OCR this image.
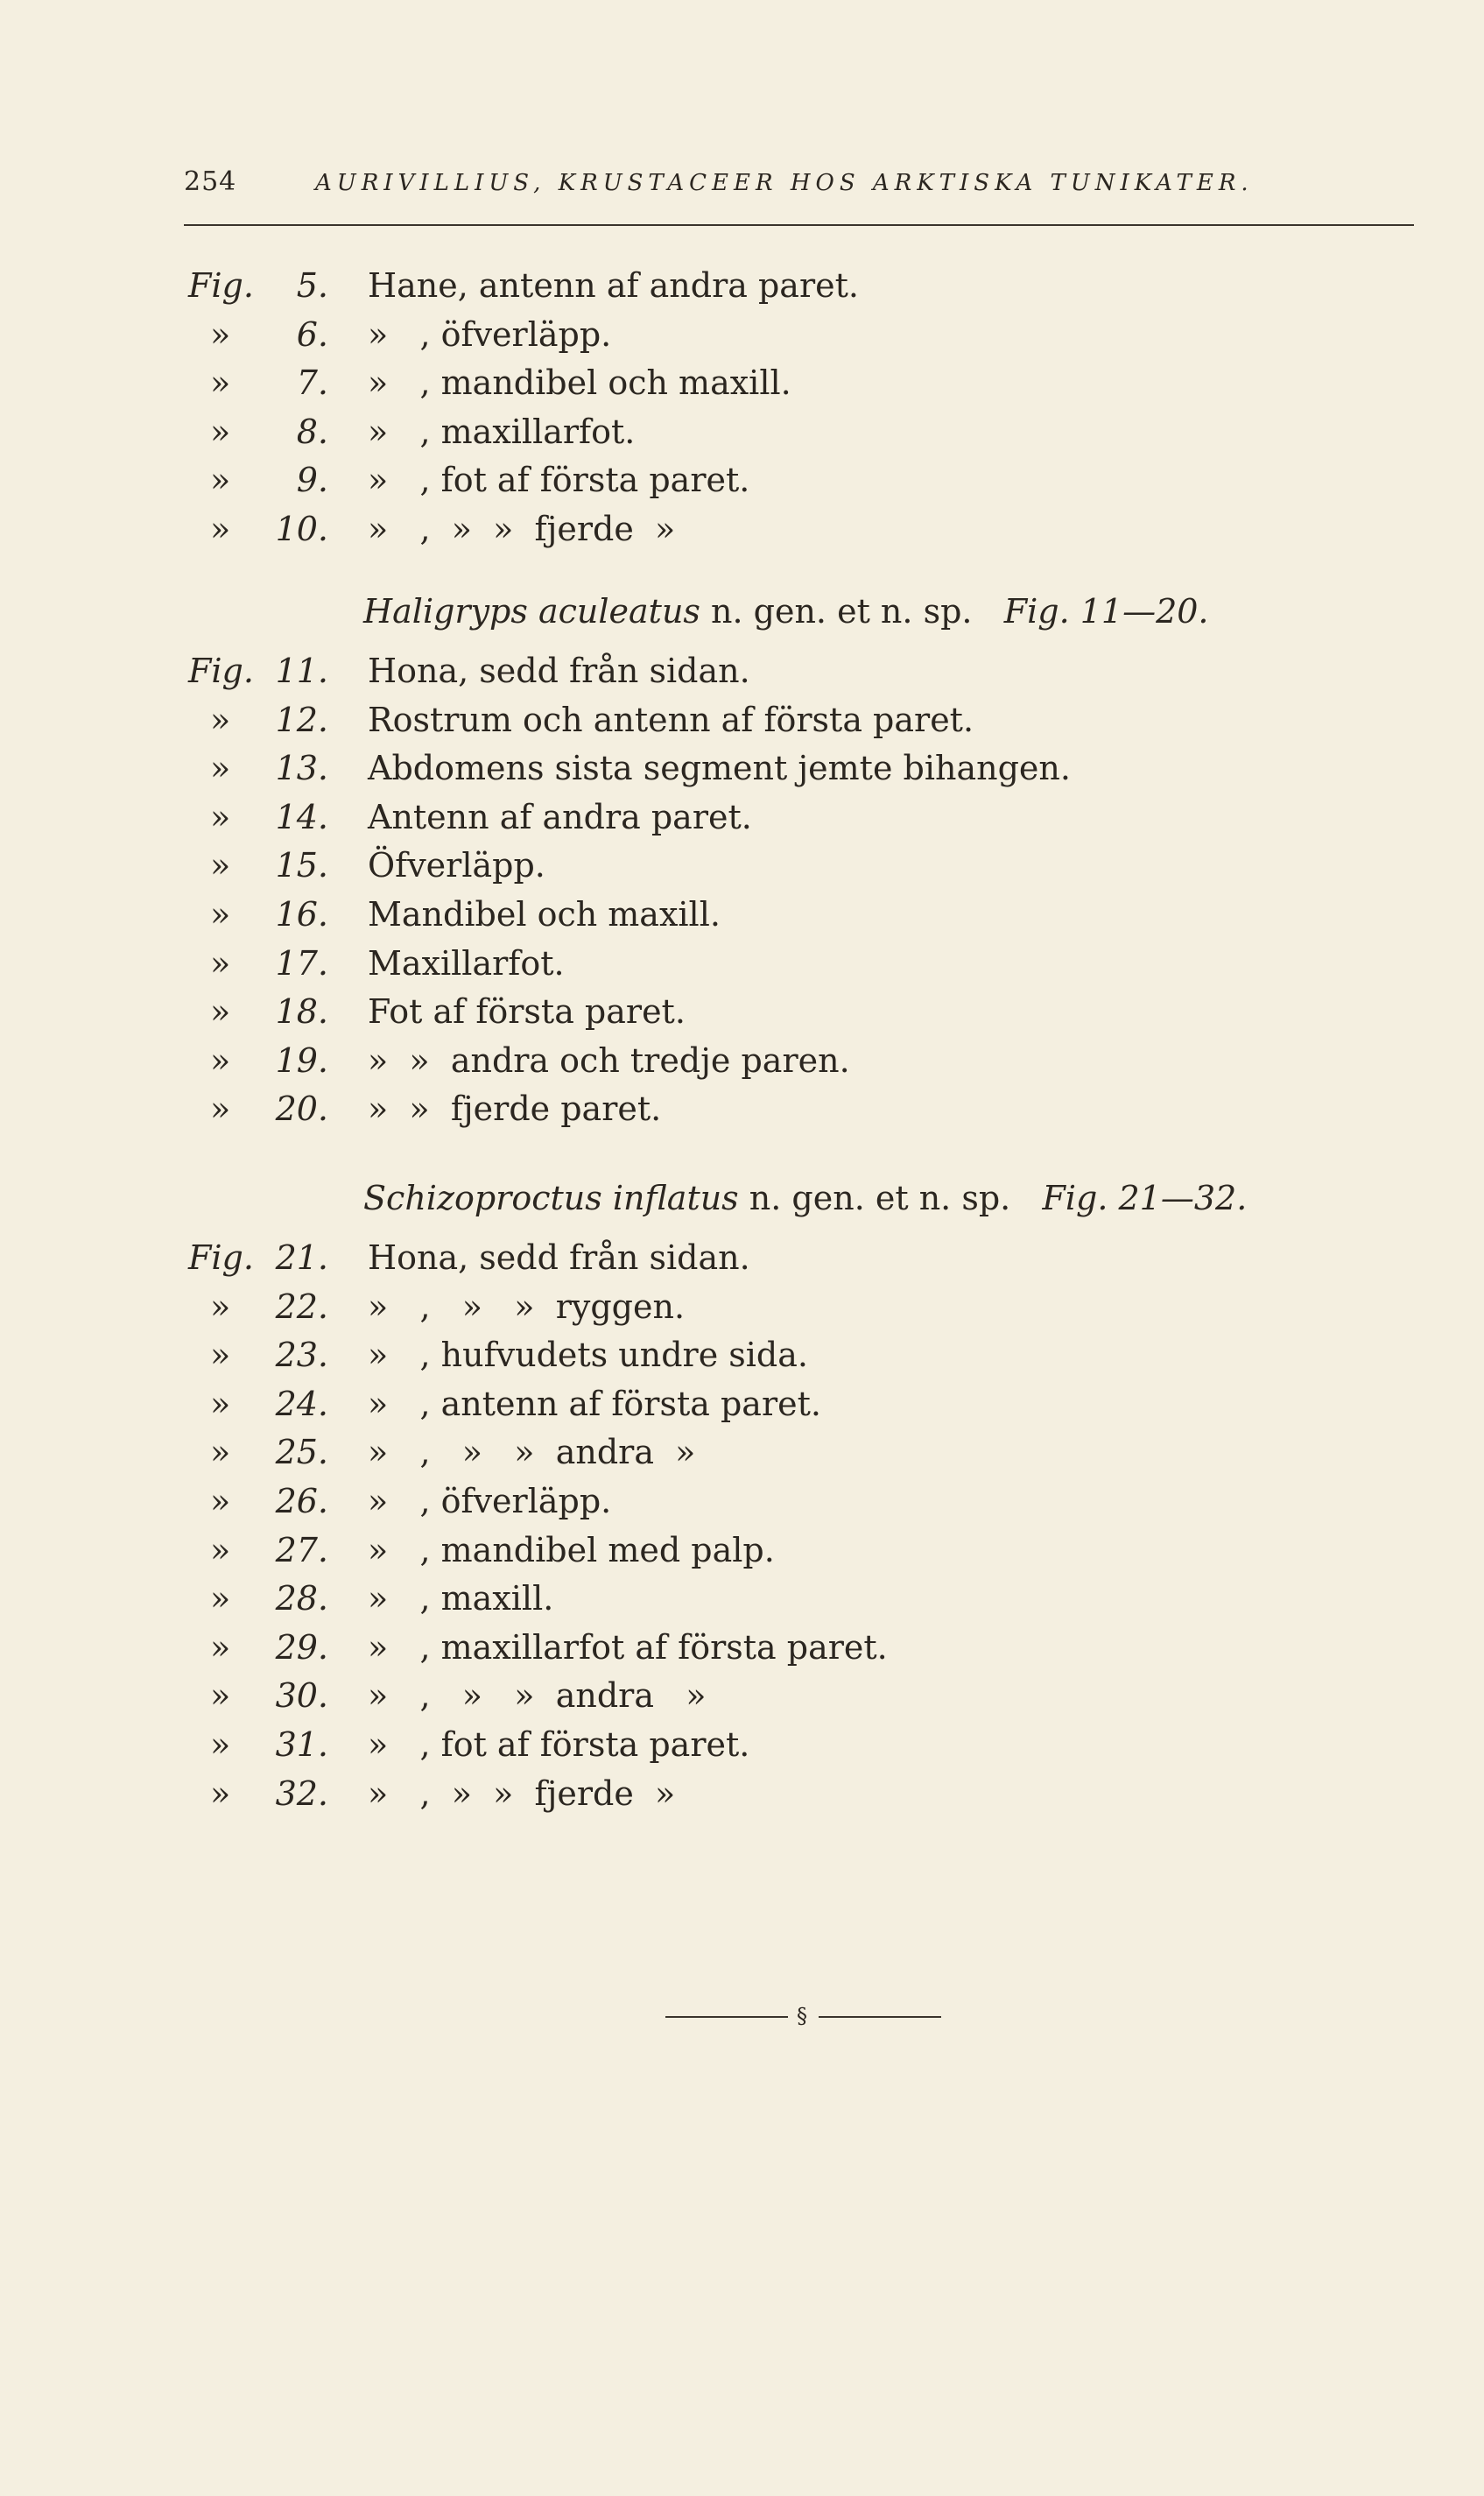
254	AURIVILLIUS, KRUSTACEER HOS ARKTISKA TUNIKATER.
Fig.	5. Hane, antenn af andra paret.
»	6. »   , öfverläpp.
»	7. »   , mandibel och maxill.
»	8. »   , maxillarfot.
»	9. »   , fot af första paret.
»	10. »   ,  »  »  fjerde  »
Haligryps aculeatus n. gen. et n. sp. Fig. 11—20.
Fig. 11. Hona, sedd från sidan.
»	12. Rostrum och antenn af första paret.
»	13. Abdomens sista segment jemte bihangen.
»	14. Antenn af andra paret.
»	15. Öfverläpp.
»	16. Mandibel och maxill.
»	17. Maxillarfot.
»	18. Fot af första paret.
»	19. »  »  andra och tredje paren.
»	20. »  »  fjerde paret.
Schizoproctus inflatus n. gen. et n. sp. Fig. 21—32.
Fig. 21. Hona, sedd från sidan.
»	22. »   ,   »   »  ryggen.
»	23. »   , hufvudets undre sida.
»	24. »   , antenn af första paret.
»	25. »   ,   »   »  andra  »
»	26. »   , öfverläpp.
»	27. »   , mandibel med palp.
»	28. »   , maxill.
»	29. »   , maxillarfot af första paret.
»	30. »   ,   »   »  andra   »
»	31. »   , fot af första paret.
»	32. »   ,  »  »  fjerde  »
§
